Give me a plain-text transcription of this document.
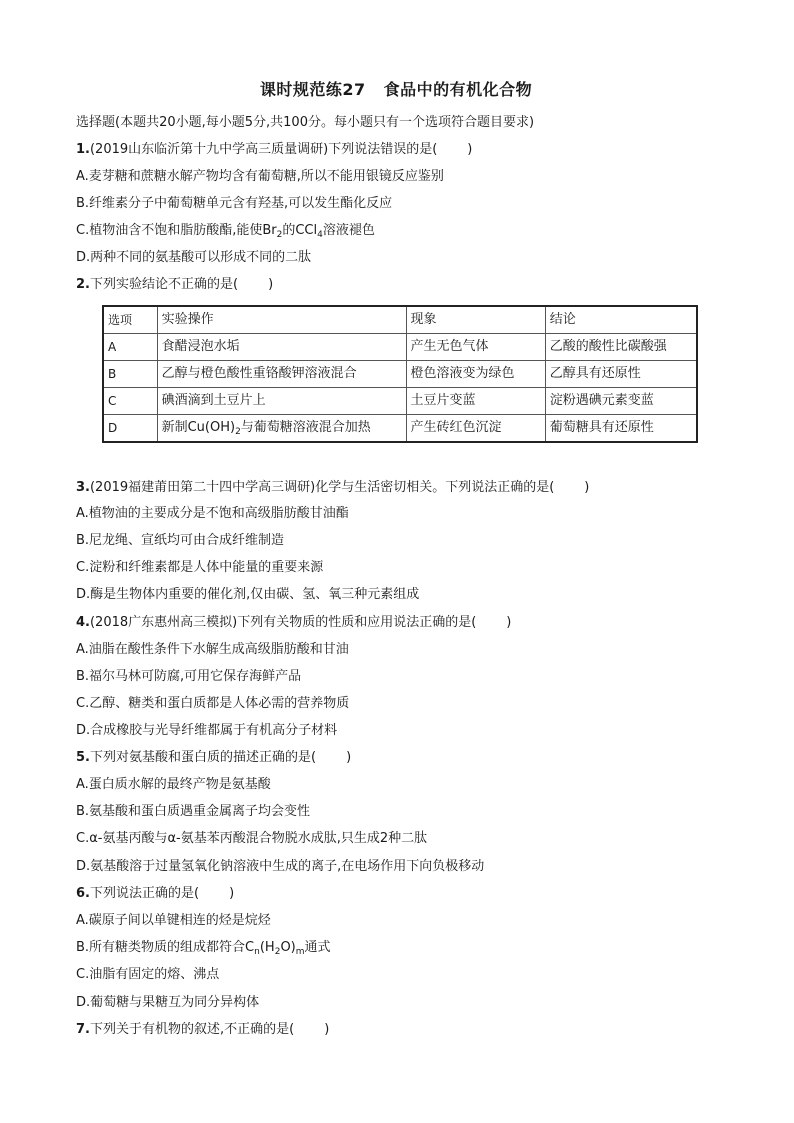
课时规范练27 食品中的有机化合物
选择题(本题共20小题,每小题5分,共100分。每小题只有一个选项符合题目要求)
1.(2019山东临沂第十九中学高三质量调研)下列说法错误的是( )
A.麦芽糖和蔗糖水解产物均含有葡萄糖,所以不能用银镜反应鉴别
B.纤维素分子中葡萄糖单元含有羟基,可以发生酯化反应
C.植物油含不饱和脂肪酸酯,能使$Br_2$的CCl$_4$溶液褪色
D.两种不同的氨基酸可以形成不同的二肽
2.下列实验结论不正确的是( )
选项	实验操作	现象	结论
A	食醋浸泡水垢	产生无色气体	乙酸的酸性比碳酸强
B	乙醇与橙色酸性重铬酸钾溶液混合	橙色溶液变为绿色	乙醇具有还原性
C	碘酒滴到土豆片上	土豆片变蓝	淀粉遇碘元素变蓝
D	新制$Cu(OH)_2$与葡萄糖溶液混合加热	产生砖红色沉淀	葡萄糖具有还原性
3.(2019福建莆田第二十四中学高三调研)化学与生活密切相关。下列说法正确的是( )
A.植物油的主要成分是不饱和高级脂肪酸甘油酯
B.尼龙绳、宣纸均可由合成纤维制造
C.淀粉和纤维素都是人体中能量的重要来源
D.酶是生物体内重要的催化剂,仅由碳、氢、氧三种元素组成
4.(2018广东惠州高三模拟)下列有关物质的性质和应用说法正确的是( )
A.油脂在酸性条件下水解生成高级脂肪酸和甘油
B.福尔马林可防腐,可用它保存海鲜产品
C.乙醇、糖类和蛋白质都是人体必需的营养物质
D.合成橡胶与光导纤维都属于有机高分子材料
5.下列对氨基酸和蛋白质的描述正确的是( )
A.蛋白质水解的最终产物是氨基酸
B.氨基酸和蛋白质遇重金属离子均会变性
C.α-氨基丙酸与α-氨基苯丙酸混合物脱水成肽,只生成2种二肽
D.氨基酸溶于过量氢氧化钠溶液中生成的离子,在电场作用下向负极移动
6.下列说法正确的是( )
A.碳原子间以单键相连的烃是烷烃
B.所有糖类物质的组成都符合$C_n(H_2O)_m$通式
C.油脂有固定的熔、沸点
D.葡萄糖与果糖互为同分异构体
7.下列关于有机物的叙述,不正确的是( )
